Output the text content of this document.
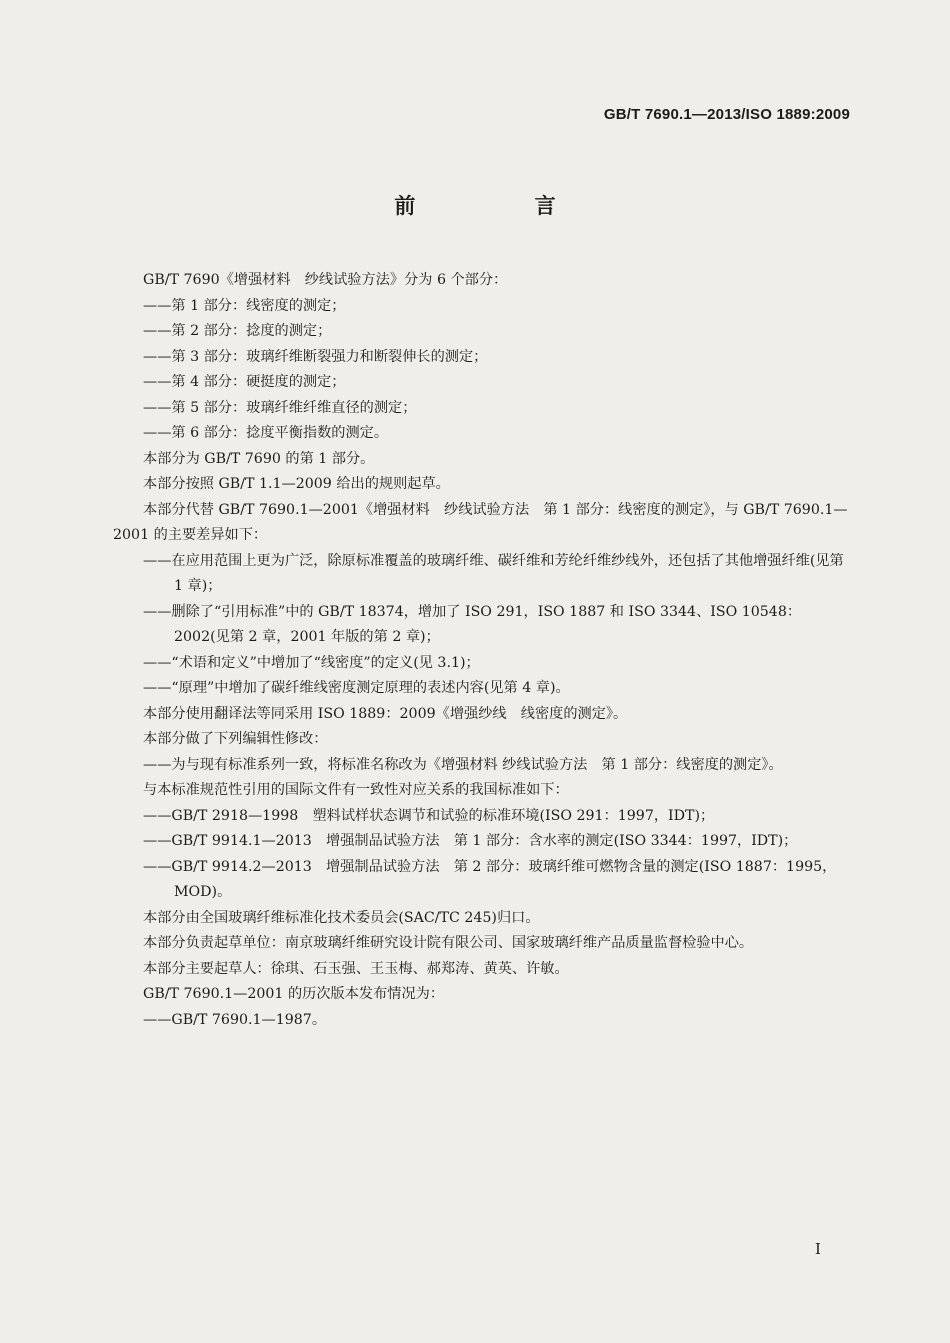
GB/T 7690.1—2013/ISO 1889:2009
前 言

GB/T 7690《增强材料　纱线试验方法》分为 6 个部分：

——第 1 部分：线密度的测定；

——第 2 部分：捻度的测定；

——第 3 部分：玻璃纤维断裂强力和断裂伸长的测定；

——第 4 部分：硬挺度的测定；

——第 5 部分：玻璃纤维纤维直径的测定；

——第 6 部分：捻度平衡指数的测定。

本部分为 GB/T 7690 的第 1 部分。

本部分按照 GB/T 1.1—2009 给出的规则起草。

本部分代替 GB/T 7690.1—2001《增强材料　纱线试验方法　第 1 部分：线密度的测定》，与 GB/T 7690.1—2001 的主要差异如下：

——在应用范围上更为广泛，除原标准覆盖的玻璃纤维、碳纤维和芳纶纤维纱线外，还包括了其他增强纤维(见第 1 章)；

——删除了“引用标准”中的 GB/T 18374，增加了 ISO 291，ISO 1887 和 ISO 3344、ISO 10548：2002(见第 2 章，2001 年版的第 2 章)；

——“术语和定义”中增加了“线密度”的定义(见 3.1)；

——“原理”中增加了碳纤维线密度测定原理的表述内容(见第 4 章)。

本部分使用翻译法等同采用 ISO 1889：2009《增强纱线　线密度的测定》。

本部分做了下列编辑性修改：

——为与现有标准系列一致，将标准名称改为《增强材料 纱线试验方法　第 1 部分：线密度的测定》。

与本标准规范性引用的国际文件有一致性对应关系的我国标准如下：

——GB/T 2918—1998　塑料试样状态调节和试验的标准环境(ISO 291：1997，IDT)；

——GB/T 9914.1—2013　增强制品试验方法　第 1 部分：含水率的测定(ISO 3344：1997，IDT)；

——GB/T 9914.2—2013　增强制品试验方法　第 2 部分：玻璃纤维可燃物含量的测定(ISO 1887：1995，MOD)。

本部分由全国玻璃纤维标准化技术委员会(SAC/TC 245)归口。

本部分负责起草单位：南京玻璃纤维研究设计院有限公司、国家玻璃纤维产品质量监督检验中心。

本部分主要起草人：徐琪、石玉强、王玉梅、郝郑涛、黄英、许敏。

GB/T 7690.1—2001 的历次版本发布情况为：

——GB/T 7690.1—1987。

I
